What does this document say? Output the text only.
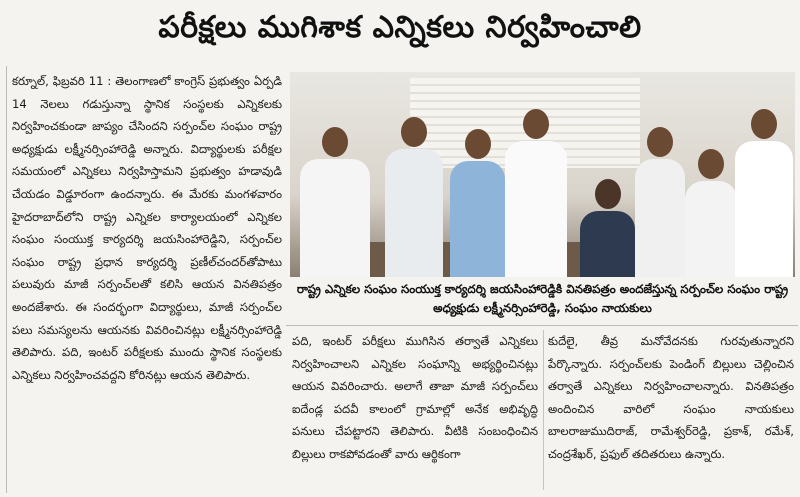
పరీక్షలు ముగిశాక ఎన్నికలు నిర్వహించాలి

కర్నూల్, ఫిబ్రవరి 11 : తెలంగాణలో కాంగ్రెస్ ప్రభుత్వం ఏర్పడి 14 నెలలు గడుస్తున్నా స్థానిక సంస్థలకు ఎన్నికలకు నిర్వహించకుండా జాప్యం చేసిందని సర్పంచ్‌ల సంఘం రాష్ట్ర అధ్యక్షుడు లక్ష్మీనర్సింహారెడ్డి అన్నారు. విద్యార్థులకు పరీక్షల సమయంలో ఎన్నికలు నిర్వహిస్తామని ప్రభుత్వం హడావుడి చేయడం విడ్డూరంగా ఉందన్నారు. ఈ మేరకు మంగళవారం హైదరాబాద్‌లోని రాష్ట్ర ఎన్నికల కార్యాలయంలో ఎన్నికల సంఘం సంయుక్త కార్యదర్శి జయసింహారెడ్డిని, సర్పంచ్‌ల సంఘం రాష్ట్ర ప్రధాన కార్యదర్శి ప్రణీల్‌చందర్‌తోపాటు పలువురు మాజీ సర్పంచ్‌లతో కలిసి ఆయన వినతిపత్రం అందజేశారు. ఈ సందర్భంగా విద్యార్థులు, మాజీ సర్పంచ్‌ల పలు సమస్యలను ఆయనకు వివరించినట్లు లక్ష్మీనర్సింహారెడ్డి తెలిపారు. పది, ఇంటర్ పరీక్షలకు ముందు స్థానిక సంస్థలకు ఎన్నికలు నిర్వహించవద్దని కోరినట్లు ఆయన తెలిపారు.

రాష్ట్ర ఎన్నికల సంఘం సంయుక్త కార్యదర్శి జయసింహారెడ్డికి వినతిపత్రం అందజేస్తున్న సర్పంచ్‌ల సంఘం రాష్ట్ర అధ్యక్షుడు లక్ష్మీనర్సింహారెడ్డి, సంఘం నాయకులు

పది, ఇంటర్ పరీక్షలు ముగిసిన తర్వాతే ఎన్నికలు నిర్వహించాలని ఎన్నికల సంఘాన్ని అభ్యర్థించినట్లు ఆయన వివరించారు. అలాగే తాజా మాజీ సర్పంచ్‌లు ఐదేండ్ల పదవీ కాలంలో గ్రామాల్లో అనేక అభివృద్ధి పనులు చేపట్టారని తెలిపారు. వీటికి సంబంధించిన బిల్లులు రాకపోవడంతో వారు ఆర్థికంగా

కుదేలై, తీవ్ర మనోవేదనకు గురవుతున్నారని పేర్కొన్నారు. సర్పంచ్‌లకు పెండింగ్ బిల్లులు చెల్లించిన తర్వాతే ఎన్నికలు నిర్వహించాలన్నారు. వినతిపత్రం అందించిన వారిలో సంఘం నాయకులు బాలరాజుముదిరాజ్, రామేశ్వర్‌రెడ్డి, ప్రకాశ్, రమేశ్, చంద్రశేఖర్, ప్రఫుల్ తదితరులు ఉన్నారు.
